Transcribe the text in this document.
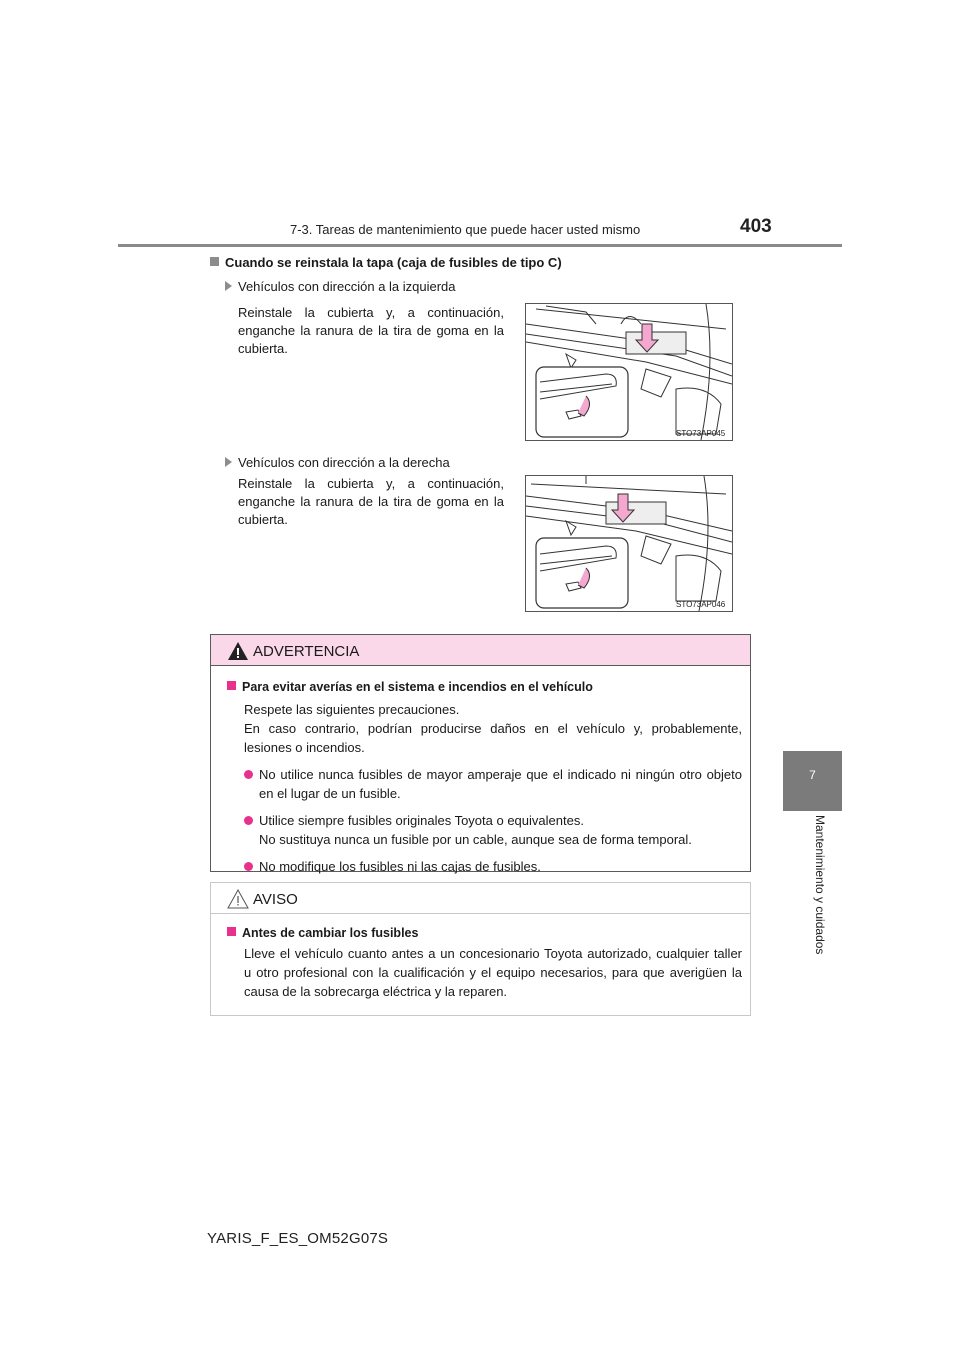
7-3. Tareas de mantenimiento que puede hacer usted mismo	403
7
Mantenimiento y cuidados
Cuando se reinstala la tapa (caja de fusibles de tipo C)
Vehículos con dirección a la izquierda
Reinstale la cubierta y, a continuación,
enganche la ranura de la tira de goma en la
cubierta.
STO73AP045
Vehículos con dirección a la derecha
Reinstale la cubierta y, a continuación,
enganche la ranura de la tira de goma en la
cubierta.
STO73AP046
ADVERTENCIA
Para evitar averías en el sistema e incendios en el vehículo
Respete las siguientes precauciones.
En caso contrario, podrían producirse daños en el vehículo y, probablemente,
lesiones o incendios.
No utilice nunca fusibles de mayor amperaje que el indicado ni ningún otro objeto
en el lugar de un fusible.
Utilice siempre fusibles originales Toyota o equivalentes.
No sustituya nunca un fusible por un cable, aunque sea de forma temporal.
No modifique los fusibles ni las cajas de fusibles.
AVISO
Antes de cambiar los fusibles
Lleve el vehículo cuanto antes a un concesionario Toyota autorizado, cualquier taller
u otro profesional con la cualificación y el equipo necesarios, para que averigüen la
causa de la sobrecarga eléctrica y la reparen.
YARIS_F_ES_OM52G07S
